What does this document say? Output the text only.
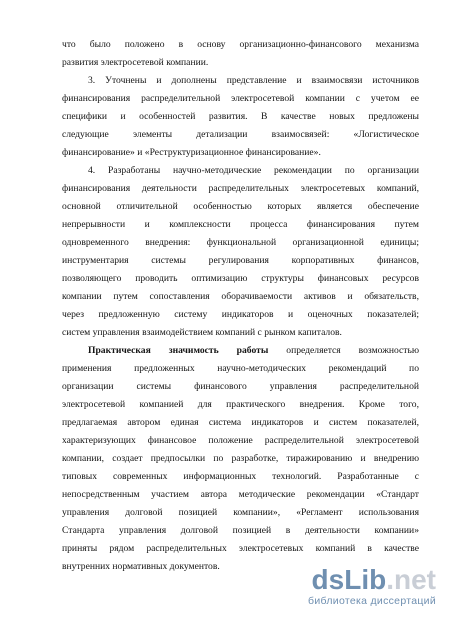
что было положено в основу организационно-финансового механизма
развития электросетевой компании.
3. Уточнены и дополнены представление и взаимосвязи источников
финансирования распределительной электросетевой компании с учетом ее
специфики и особенностей развития. В качестве новых предложены
следующие элементы детализации взаимосвязей: «Логистическое
финансирование» и «Реструктуризационное финансирование».
4. Разработаны научно-методические рекомендации по организации
финансирования деятельности распределительных электросетевых компаний,
основной отличительной особенностью которых является обеспечение
непрерывности и комплексности процесса финансирования путем
одновременного внедрения: функциональной организационной единицы;
инструментария системы регулирования корпоративных финансов,
позволяющего проводить оптимизацию структуры финансовых ресурсов
компании путем сопоставления оборачиваемости активов и обязательств,
через предложенную систему индикаторов и оценочных показателей;
систем управления взаимодействием компаний с рынком капиталов.
Практическая значимость работы определяется возможностью
применения предложенных научно-методических рекомендаций по
организации системы финансового управления распределительной
электросетевой компанией для практического внедрения. Кроме того,
предлагаемая автором единая система индикаторов и систем показателей,
характеризующих финансовое положение распределительной электросетевой
компании, создает предпосылки по разработке, тиражированию и внедрению
типовых современных информационных технологий. Разработанные с
непосредственным участием автора методические рекомендации «Стандарт
управления долговой позицией компании», «Регламент использования
Стандарта управления долговой позицией в деятельности компании»
приняты рядом распределительных электросетевых компаний в качестве
внутренних нормативных документов.	dsLib.net
библиотека диссертаций
